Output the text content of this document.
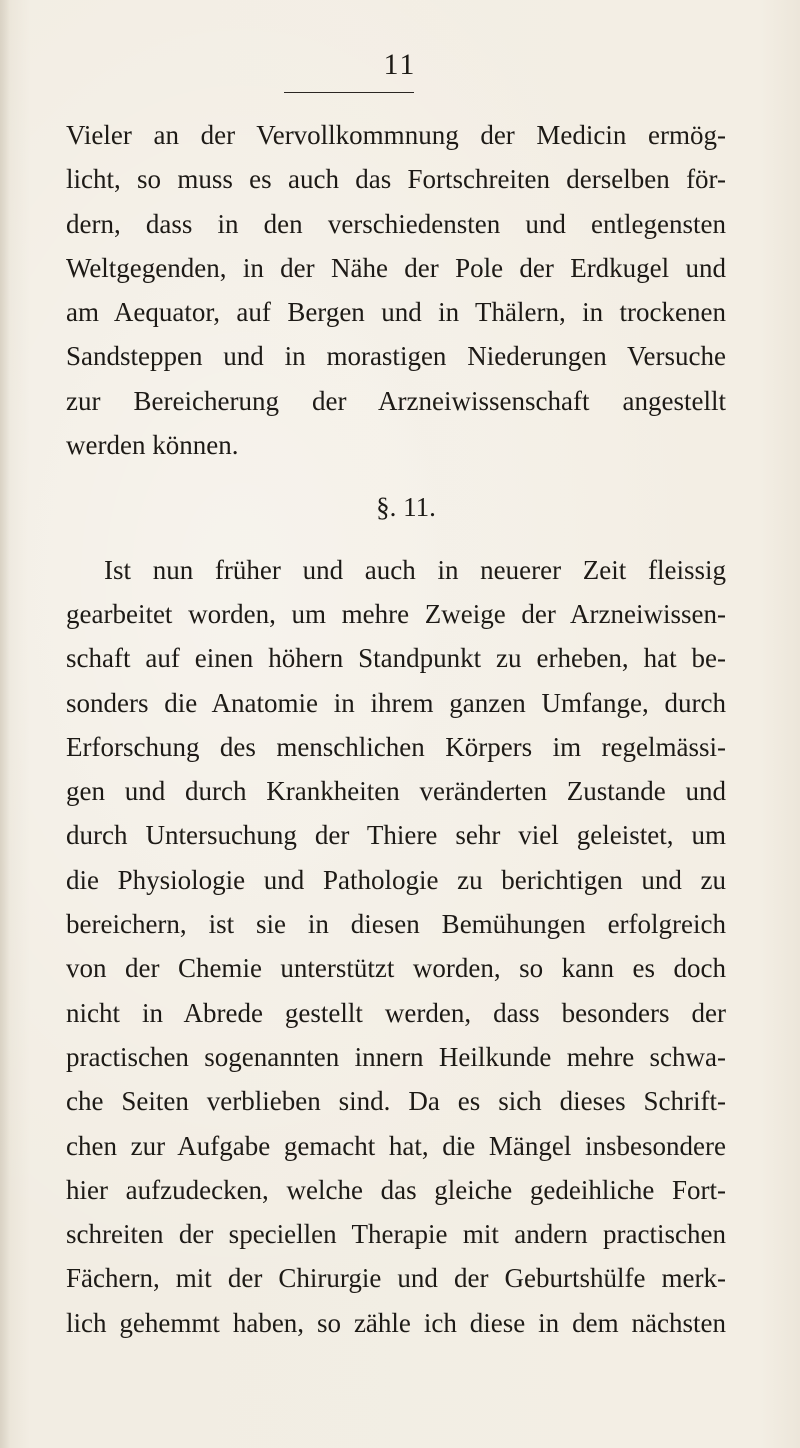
11
Vieler an der Vervollkommnung der Medicin ermög-
licht, so muss es auch das Fortschreiten derselben för-
dern, dass in den verschiedensten und entlegensten
Weltgegenden, in der Nähe der Pole der Erdkugel und
am Aequator, auf Bergen und in Thälern, in trockenen
Sandsteppen und in morastigen Niederungen Versuche
zur Bereicherung der Arzneiwissenschaft angestellt
werden können.
§. 11.
Ist nun früher und auch in neuerer Zeit fleissig
gearbeitet worden, um mehre Zweige der Arzneiwissen-
schaft auf einen höhern Standpunkt zu erheben, hat be-
sonders die Anatomie in ihrem ganzen Umfange, durch
Erforschung des menschlichen Körpers im regelmässi-
gen und durch Krankheiten veränderten Zustande und
durch Untersuchung der Thiere sehr viel geleistet, um
die Physiologie und Pathologie zu berichtigen und zu
bereichern, ist sie in diesen Bemühungen erfolgreich
von der Chemie unterstützt worden, so kann es doch
nicht in Abrede gestellt werden, dass besonders der
practischen sogenannten innern Heilkunde mehre schwa-
che Seiten verblieben sind. Da es sich dieses Schrift-
chen zur Aufgabe gemacht hat, die Mängel insbesondere
hier aufzudecken, welche das gleiche gedeihliche Fort-
schreiten der speciellen Therapie mit andern practischen
Fächern, mit der Chirurgie und der Geburtshülfe merk-
lich gehemmt haben, so zähle ich diese in dem nächsten
